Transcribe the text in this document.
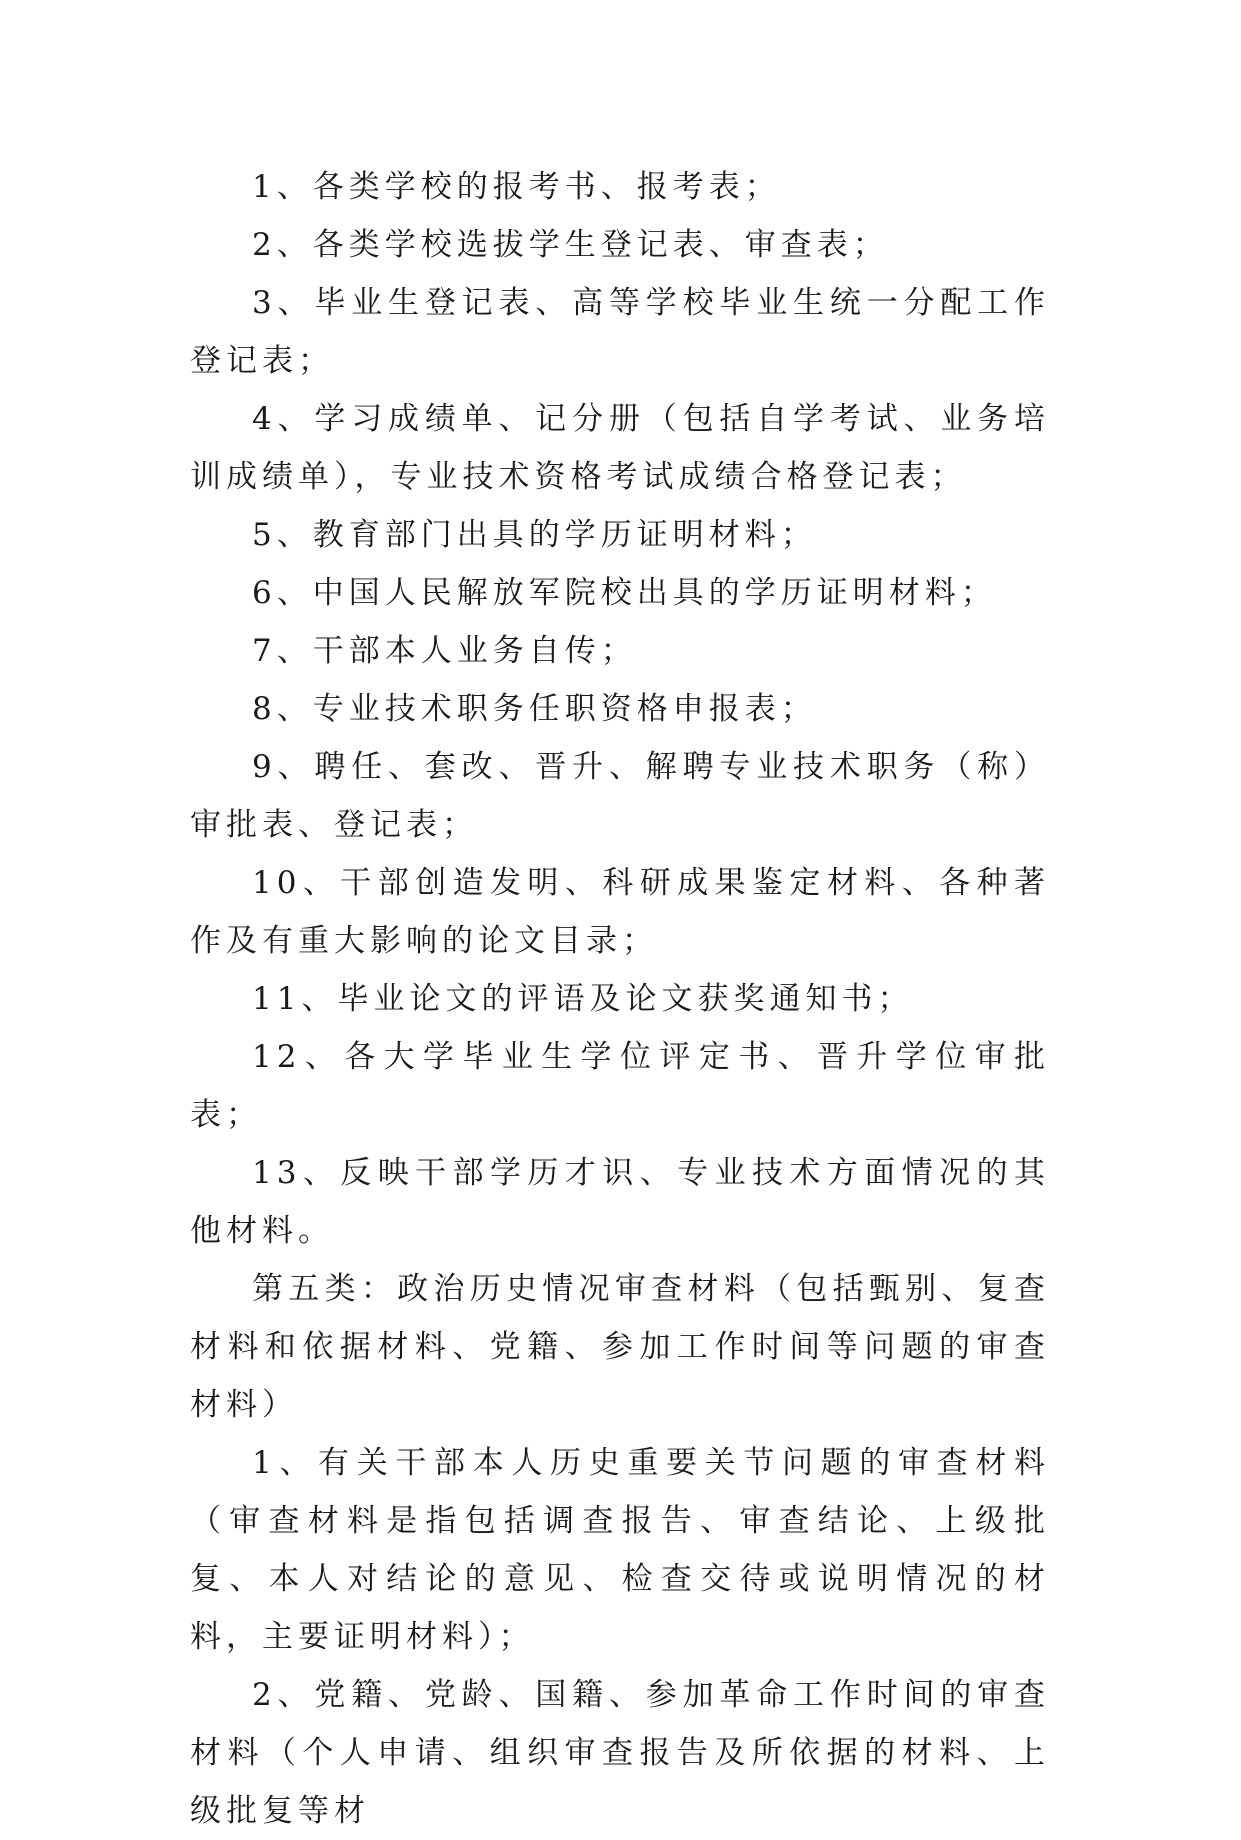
1、各类学校的报考书、报考表；

2、各类学校选拔学生登记表、审查表；

3、毕业生登记表、高等学校毕业生统一分配工作登记表；

4、学习成绩单、记分册（包括自学考试、业务培训成绩单），专业技术资格考试成绩合格登记表；

5、教育部门出具的学历证明材料；

6、中国人民解放军院校出具的学历证明材料；

7、干部本人业务自传；

8、专业技术职务任职资格申报表；

9、聘任、套改、晋升、解聘专业技术职务（称）审批表、登记表；

10、干部创造发明、科研成果鉴定材料、各种著作及有重大影响的论文目录；

11、毕业论文的评语及论文获奖通知书；

12、各大学毕业生学位评定书、晋升学位审批表；

13、反映干部学历才识、专业技术方面情况的其他材料。

第五类：政治历史情况审查材料（包括甄别、复查材料和依据材料、党籍、参加工作时间等问题的审查材料）

1、有关干部本人历史重要关节问题的审查材料（审查材料是指包括调查报告、审查结论、上级批复、本人对结论的意见、检查交待或说明情况的材料，主要证明材料）；

2、党籍、党龄、国籍、参加革命工作时间的审查材料（个人申请、组织审查报告及所依据的材料、上级批复等材
